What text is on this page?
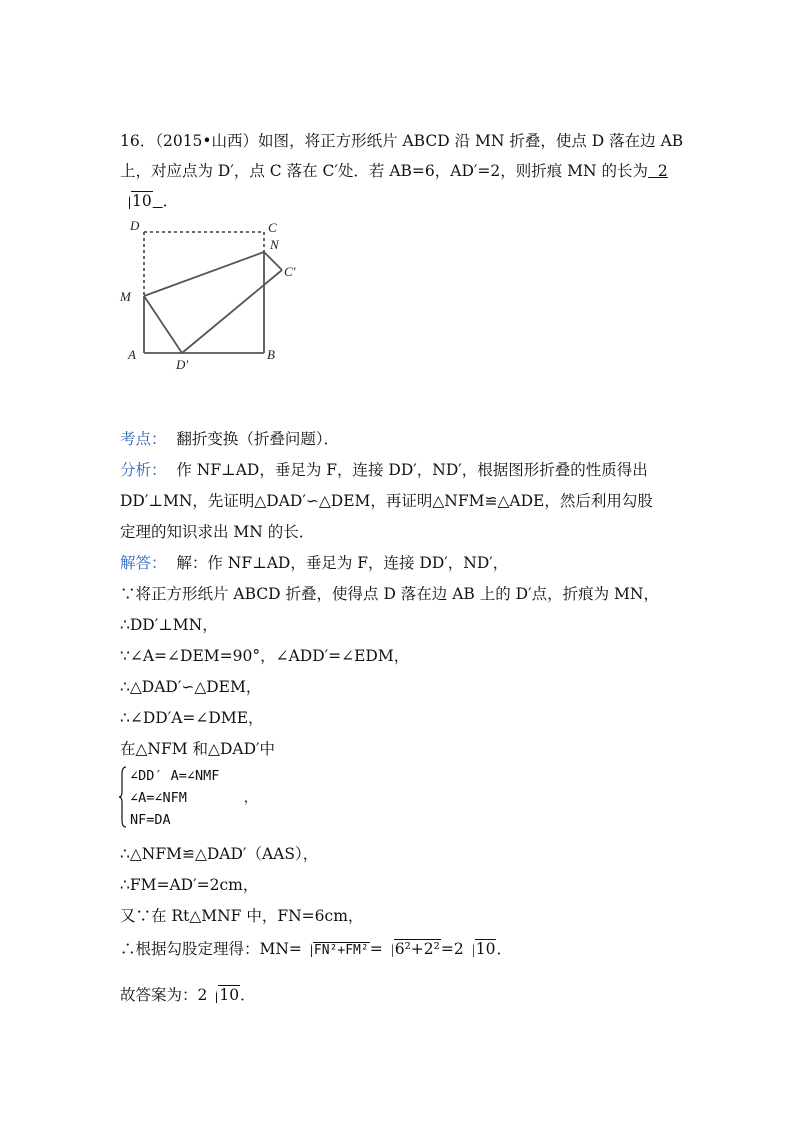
16．（2015•山西）如图，将正方形纸片 ABCD 沿 MN 折叠，使点 D 落在边 AB
上，对应点为 D′，点 C 落在 C′处．若 AB=6，AD′=2，则折痕 MN 的长为 2
10 ．
D	C
N
C′
M
A
D′
B
考点： 翻折变换（折叠问题）．
分析： 作 NF⊥AD，垂足为 F，连接 DD′，ND′，根据图形折叠的性质得出
DD′⊥MN，先证明△DAD′∽△DEM，再证明△NFM≌△ADE，然后利用勾股
定理的知识求出 MN 的长．
解答： 解：作 NF⊥AD，垂足为 F，连接 DD′，ND′，
∵将正方形纸片 ABCD 折叠，使得点 D 落在边 AB 上的 D′点，折痕为 MN，
∴DD′⊥MN，
∵∠A=∠DEM=90°，∠ADD′=∠EDM，
∴△DAD′∽△DEM，
∴∠DD′A=∠DME，
在△NFM 和△DAD′中
∠DD′ A=∠NMF
∠A=∠NFM       ，
NF=DA
∴△NFM≌△DAD′（AAS），
∴FM=AD′=2cm，
又∵在 Rt△MNF 中，FN=6cm，
∴根据勾股定理得：MN= FN²+FM²= 6²+2²=2 10．
故答案为：2 10．
